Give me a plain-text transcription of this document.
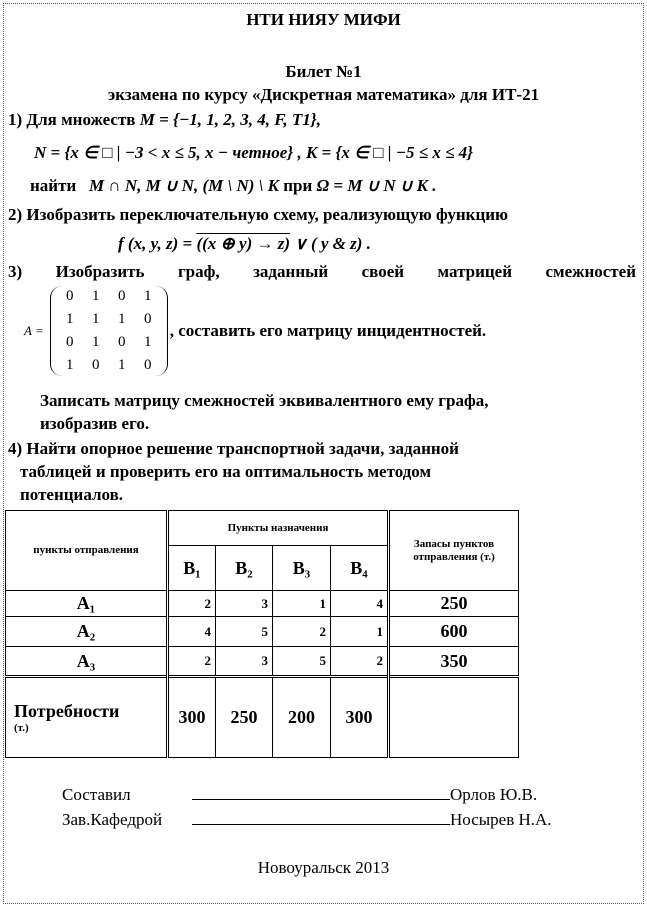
НТИ НИЯУ МИФИ
Билет №1
экзамена по курсу «Дискретная математика» для ИТ-21
1) Для множеств M = {−1, 1, 2, 3, 4, F, T1},
N = {x ∈ □ | −3 < x ≤ 5, x − четное} , K = {x ∈ □ | −5 ≤ x ≤ 4}
найти M ∩ N, M ∪ N, (M \ N) \ K при Ω = M ∪ N ∪ K .
2) Изобразить переключательную схему, реализующую функцию
f (x, y, z) = ((x ⊕ y) → z) ∨ ( y & z) .
3) Изобразить граф, заданный своей матрицей смежностей
A =
0	1	0	1
1	1	1	0
0	1	0	1
1	0	1	0
, составить его матрицу инцидентностей.
Записать матрицу смежностей эквивалентного ему графа,
изобразив его.
4) Найти опорное решение транспортной задачи, заданной
таблицей и проверить его на оптимальность методом
потенциалов.
пункты отправления	Пункты назначения				Запасы пунктов отправления (т.)
	B₁	B₂	B₃	B₄	
A₁	2	3	1	4	250
A₂	4	5	2	1	600
A₃	2	3	5	2	350

Потребности
(т.)	300	250	200	300	
Составил	Орлов Ю.В.
Зав.Кафедрой	Носырев Н.А.
Новоуральск 2013
